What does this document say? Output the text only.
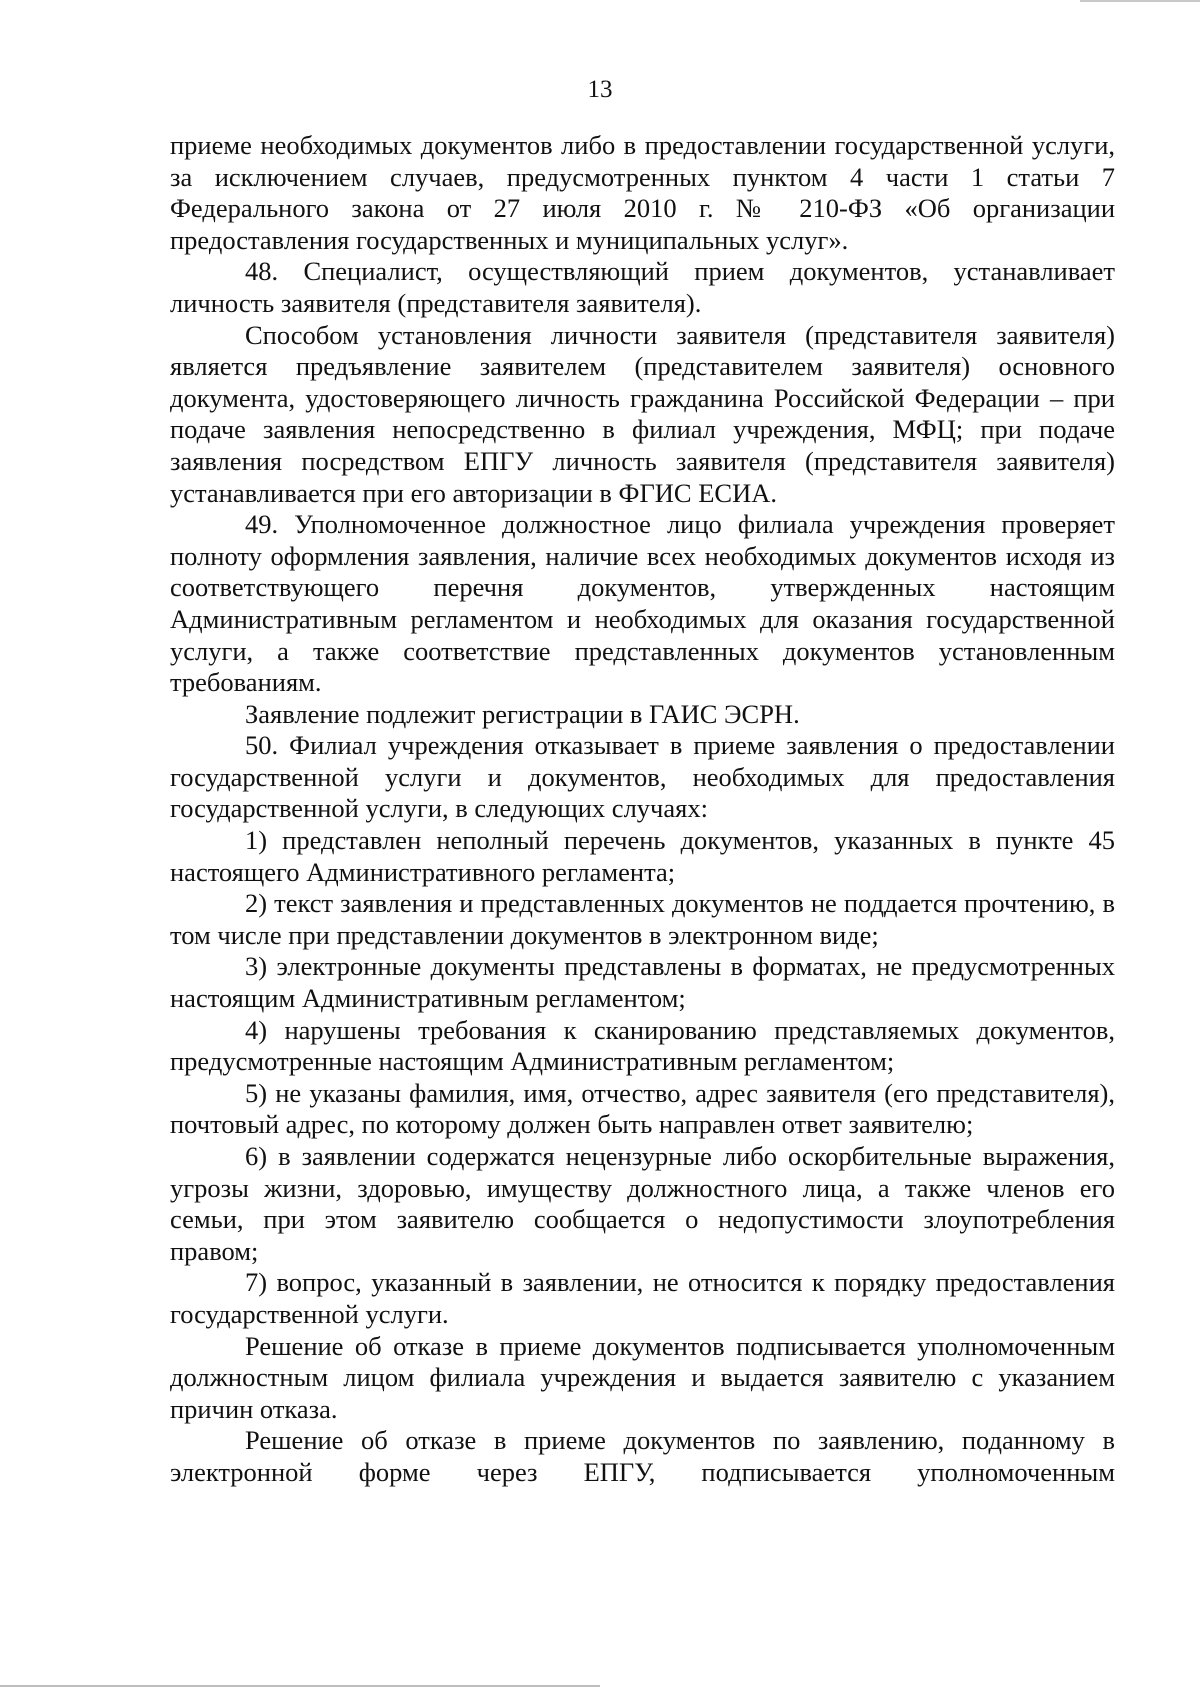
13

приеме необходимых документов либо в предоставлении государственной услуги, за исключением случаев, предусмотренных пунктом 4 части 1 статьи 7 Федерального закона от 27 июля 2010 г. № 210-ФЗ «Об организации предоставления государственных и муниципальных услуг».

48. Специалист, осуществляющий прием документов, устанавливает личность заявителя (представителя заявителя).

Способом установления личности заявителя (представителя заявителя) является предъявление заявителем (представителем заявителя) основного документа, удостоверяющего личность гражданина Российской Федерации – при подаче заявления непосредственно в филиал учреждения, МФЦ; при подаче заявления посредством ЕПГУ личность заявителя (представителя заявителя) устанавливается при его авторизации в ФГИС ЕСИА.

49. Уполномоченное должностное лицо филиала учреждения проверяет полноту оформления заявления, наличие всех необходимых документов исходя из соответствующего перечня документов, утвержденных настоящим Административным регламентом и необходимых для оказания государственной услуги, а также соответствие представленных документов установленным требованиям.

Заявление подлежит регистрации в ГАИС ЭСРН.

50. Филиал учреждения отказывает в приеме заявления о предоставлении государственной услуги и документов, необходимых для предоставления государственной услуги, в следующих случаях:

1) представлен неполный перечень документов, указанных в пункте 45 настоящего Административного регламента;

2) текст заявления и представленных документов не поддается прочтению, в том числе при представлении документов в электронном виде;

3) электронные документы представлены в форматах, не предусмотренных настоящим Административным регламентом;

4) нарушены требования к сканированию представляемых документов, предусмотренные настоящим Административным регламентом;

5) не указаны фамилия, имя, отчество, адрес заявителя (его представителя), почтовый адрес, по которому должен быть направлен ответ заявителю;

6) в заявлении содержатся нецензурные либо оскорбительные выражения, угрозы жизни, здоровью, имуществу должностного лица, а также членов его семьи, при этом заявителю сообщается о недопустимости злоупотребления правом;

7) вопрос, указанный в заявлении, не относится к порядку предоставления государственной услуги.

Решение об отказе в приеме документов подписывается уполномоченным должностным лицом филиала учреждения и выдается заявителю с указанием причин отказа.

Решение об отказе в приеме документов по заявлению, поданному в электронной форме через ЕПГУ, подписывается уполномоченным
